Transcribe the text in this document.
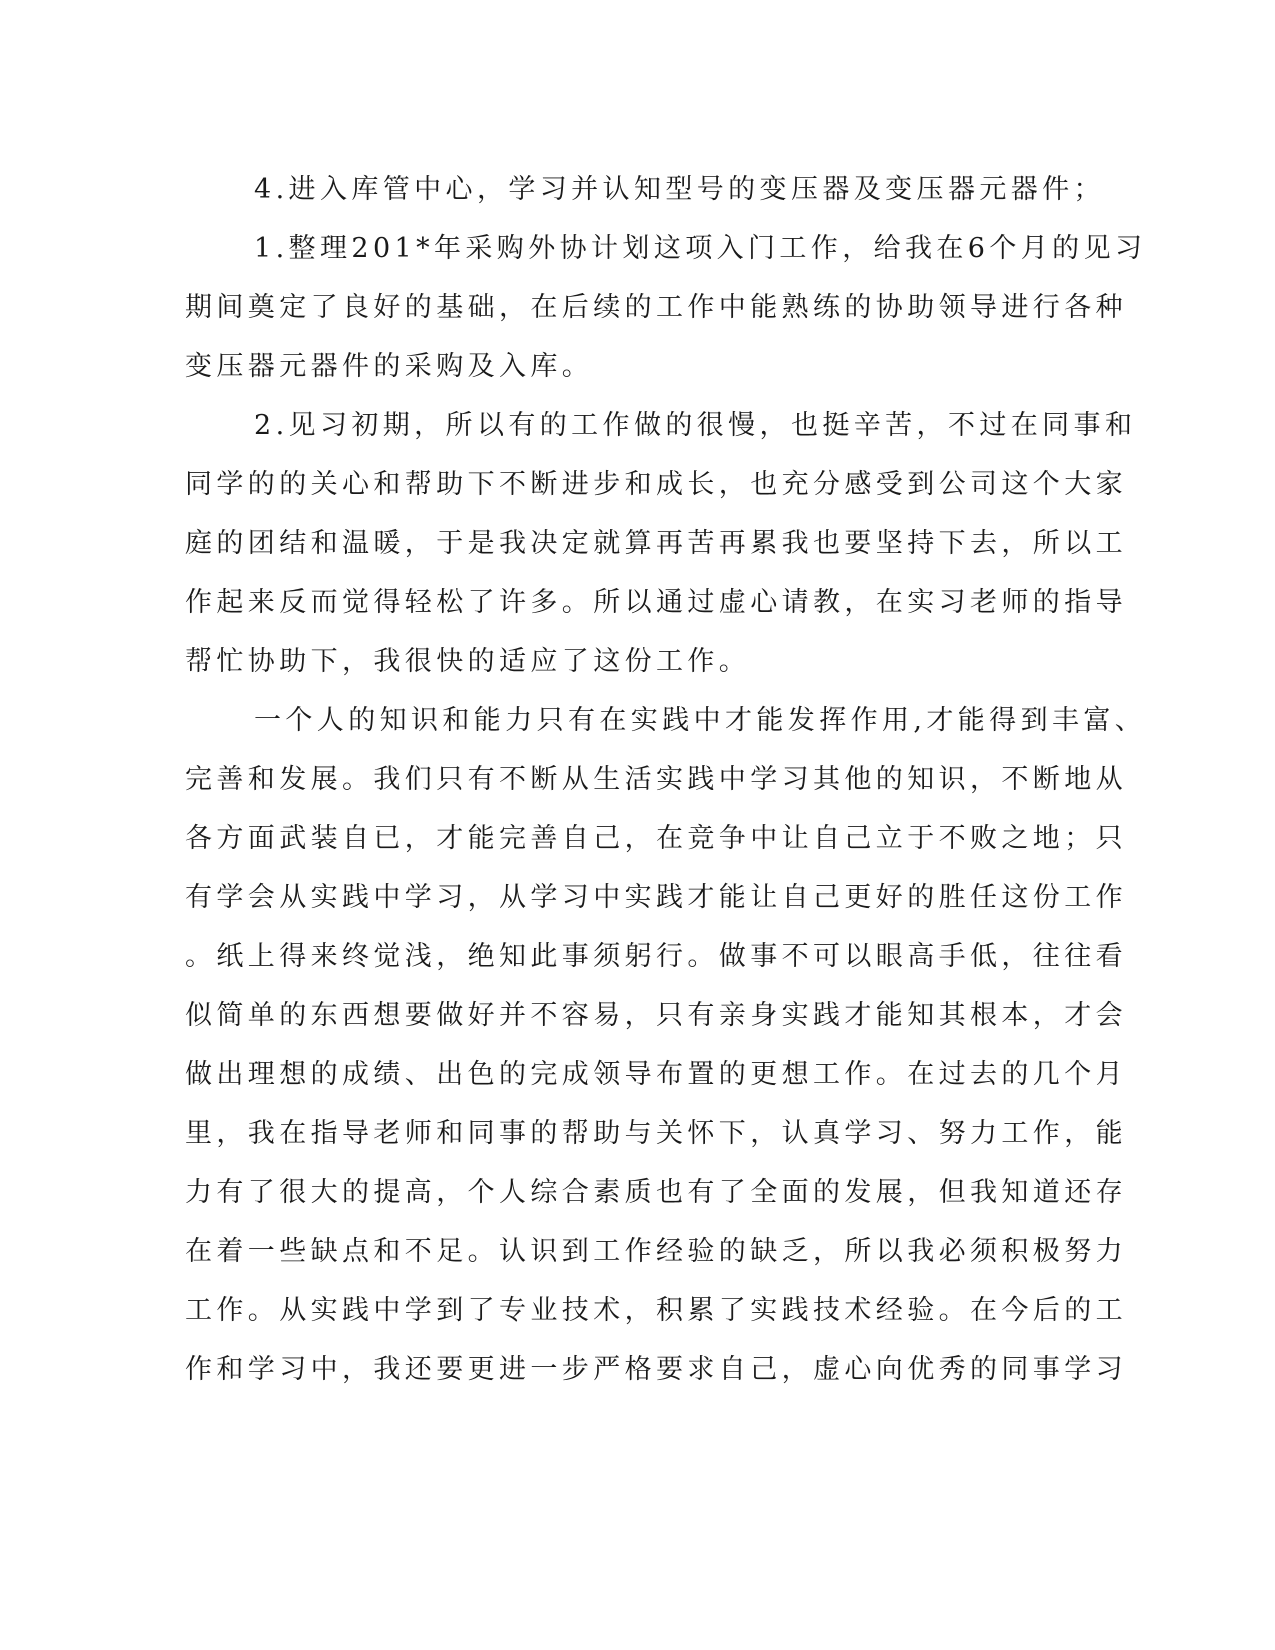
4.进入库管中心，学习并认知型号的变压器及变压器元器件；
1.整理201*年采购外协计划这项入门工作，给我在6个月的见习
期间奠定了良好的基础，在后续的工作中能熟练的协助领导进行各种
变压器元器件的采购及入库。
2.见习初期，所以有的工作做的很慢，也挺辛苦，不过在同事和
同学的的关心和帮助下不断进步和成长，也充分感受到公司这个大家
庭的团结和温暖，于是我决定就算再苦再累我也要坚持下去，所以工
作起来反而觉得轻松了许多。所以通过虚心请教，在实习老师的指导
帮忙协助下，我很快的适应了这份工作。
一个人的知识和能力只有在实践中才能发挥作用,才能得到丰富、
完善和发展。我们只有不断从生活实践中学习其他的知识，不断地从
各方面武装自已，才能完善自己，在竞争中让自己立于不败之地；只
有学会从实践中学习，从学习中实践才能让自己更好的胜任这份工作
。纸上得来终觉浅，绝知此事须躬行。做事不可以眼高手低，往往看
似简单的东西想要做好并不容易，只有亲身实践才能知其根本，才会
做出理想的成绩、出色的完成领导布置的更想工作。在过去的几个月
里，我在指导老师和同事的帮助与关怀下，认真学习、努力工作，能
力有了很大的提高，个人综合素质也有了全面的发展，但我知道还存
在着一些缺点和不足。认识到工作经验的缺乏，所以我必须积极努力
工作。从实践中学到了专业技术，积累了实践技术经验。在今后的工
作和学习中，我还要更进一步严格要求自己，虚心向优秀的同事学习
